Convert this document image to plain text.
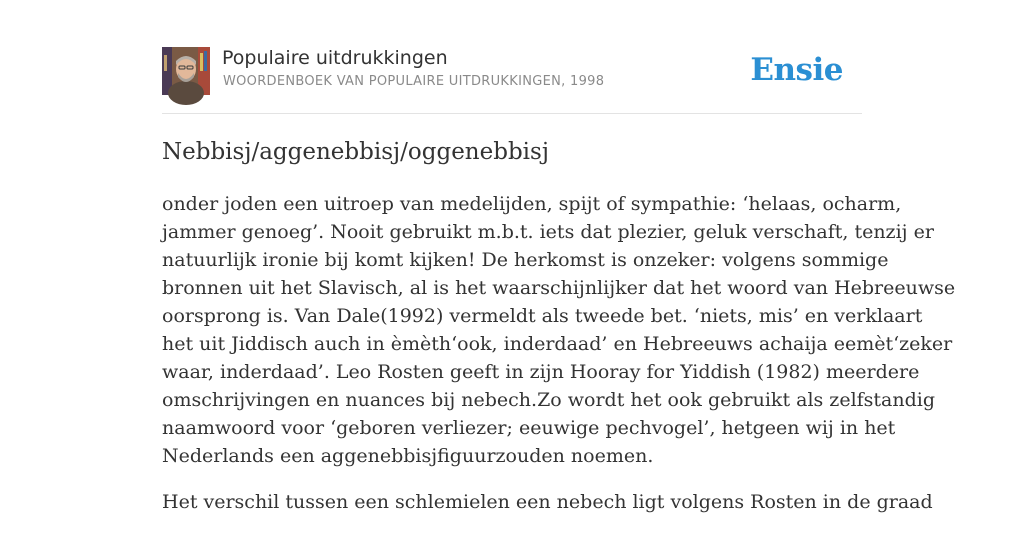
Populaire uitdrukkingen
WOORDENBOEK VAN POPULAIRE UITDRUKKINGEN, 1998	Ensie
Nebbisj/aggenebbisj/oggenebbisj

onder joden een uitroep van medelijden, spijt of sympathie: ‘helaas, ocharm,
jammer genoeg’. Nooit gebruikt m.b.t. iets dat plezier, geluk verschaft, tenzij er
natuurlijk ironie bij komt kijken! De herkomst is onzeker: volgens sommige
bronnen uit het Slavisch, al is het waarschijnlijker dat het woord van Hebreeuwse
oorsprong is. Van Dale(1992) vermeldt als tweede bet. ‘niets, mis’ en verklaart
het uit Jiddisch auch in èmèth‘ook, inderdaad’ en Hebreeuws achaija eemèt‘zeker
waar, inderdaad’. Leo Rosten geeft in zijn Hooray for Yiddish (1982) meerdere
omschrijvingen en nuances bij nebech.Zo wordt het ook gebruikt als zelfstandig
naamwoord voor ‘geboren verliezer; eeuwige pechvogel’, hetgeen wij in het
Nederlands een aggenebbisjfiguurzouden noemen.

Het verschil tussen een schlemielen een nebech ligt volgens Rosten in de graad
